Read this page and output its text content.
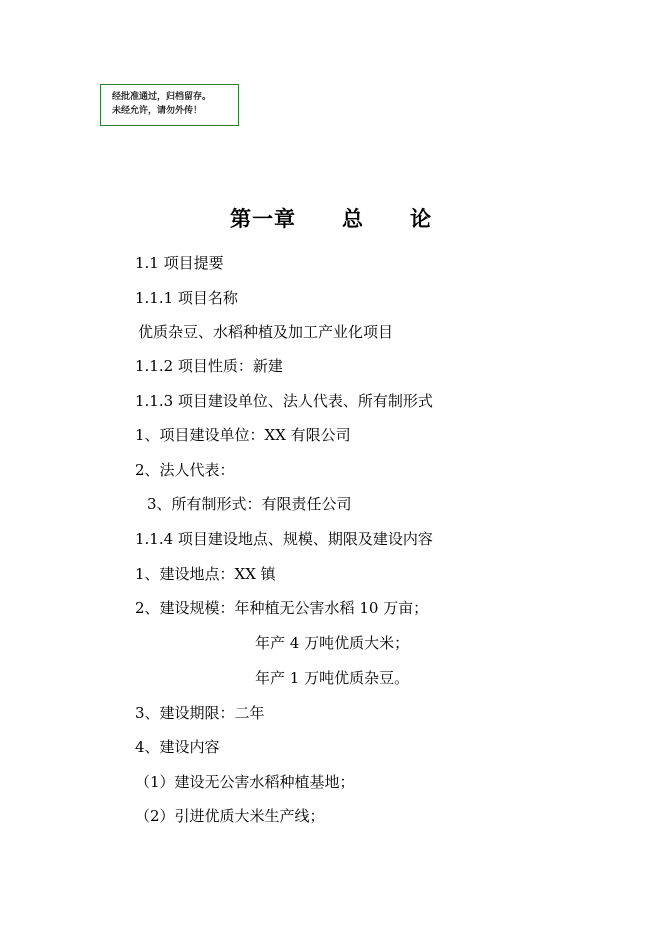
经批准通过，归档留存。
未经允许，请勿外传！
第一章 总 论
1.1 项目提要
1.1.1 项目名称
优质杂豆、水稻种植及加工产业化项目
1.1.2 项目性质：新建
1.1.3 项目建设单位、法人代表、所有制形式
1、项目建设单位：XX 有限公司
2、法人代表：
3、所有制形式：有限责任公司
1.1.4 项目建设地点、规模、期限及建设内容
1、建设地点：XX 镇
2、建设规模：年种植无公害水稻 10 万亩；
年产 4 万吨优质大米；
年产 1 万吨优质杂豆。
3、建设期限：二年
4、建设内容
（1）建设无公害水稻种植基地；
（2）引进优质大米生产线；
